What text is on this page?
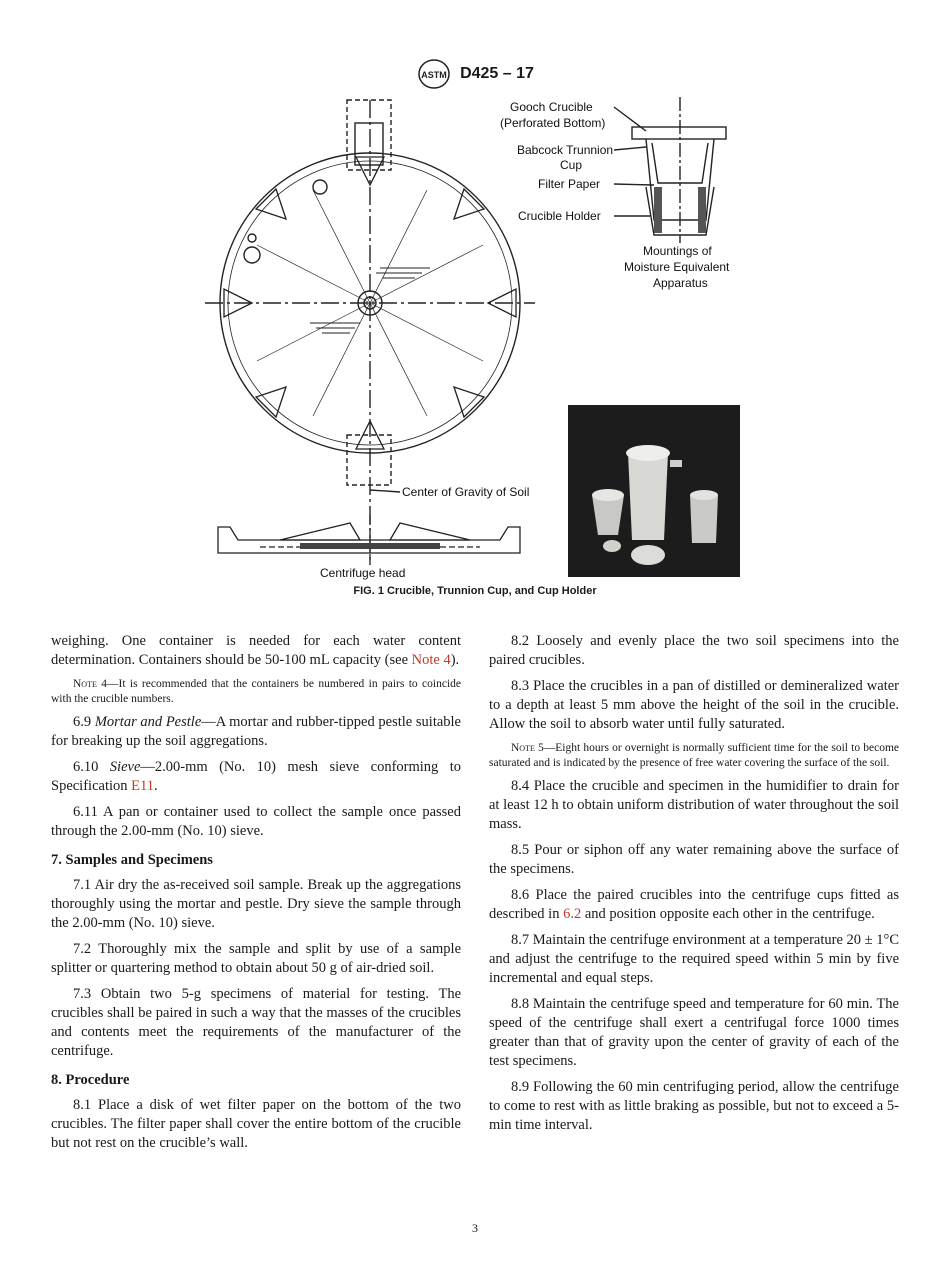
ASTM D425 – 17
Gooch Crucible
(Perforated Bottom)
Babcock Trunnion
Cup
Filter Paper
Crucible Holder
Mountings of
Moisture Equivalent
Apparatus
Center of Gravity of Soil
Centrifuge head
FIG. 1 Crucible, Trunnion Cup, and Cup Holder

weighing. One container is needed for each water content determination. Containers should be 50-100 mL capacity (see Note 4).

Note 4—It is recommended that the containers be numbered in pairs to coincide with the crucible numbers.

6.9 Mortar and Pestle—A mortar and rubber-tipped pestle suitable for breaking up the soil aggregations.

6.10 Sieve—2.00-mm (No. 10) mesh sieve conforming to Specification E11.

6.11 A pan or container used to collect the sample once passed through the 2.00-mm (No. 10) sieve.

7. Samples and Specimens

7.1 Air dry the as-received soil sample. Break up the aggregations thoroughly using the mortar and pestle. Dry sieve the sample through the 2.00-mm (No. 10) sieve.

7.2 Thoroughly mix the sample and split by use of a sample splitter or quartering method to obtain about 50 g of air-dried soil.

7.3 Obtain two 5-g specimens of material for testing. The crucibles shall be paired in such a way that the masses of the crucibles and contents meet the requirements of the manufacturer of the centrifuge.

8. Procedure

8.1 Place a disk of wet filter paper on the bottom of the two crucibles. The filter paper shall cover the entire bottom of the crucible but not rest on the crucible’s wall.

8.2 Loosely and evenly place the two soil specimens into the paired crucibles.

8.3 Place the crucibles in a pan of distilled or demineralized water to a depth at least 5 mm above the height of the soil in the crucible. Allow the soil to absorb water until fully saturated.

Note 5—Eight hours or overnight is normally sufficient time for the soil to become saturated and is indicated by the presence of free water covering the surface of the soil.

8.4 Place the crucible and specimen in the humidifier to drain for at least 12 h to obtain uniform distribution of water throughout the soil mass.

8.5 Pour or siphon off any water remaining above the surface of the specimens.

8.6 Place the paired crucibles into the centrifuge cups fitted as described in 6.2 and position opposite each other in the centrifuge.

8.7 Maintain the centrifuge environment at a temperature 20 ± 1°C and adjust the centrifuge to the required speed within 5 min by five incremental and equal steps.

8.8 Maintain the centrifuge speed and temperature for 60 min. The speed of the centrifuge shall exert a centrifugal force 1000 times greater than that of gravity upon the center of gravity of each of the test specimens.

8.9 Following the 60 min centrifuging period, allow the centrifuge to come to rest with as little braking as possible, but not to exceed a 5-min time interval.

3
